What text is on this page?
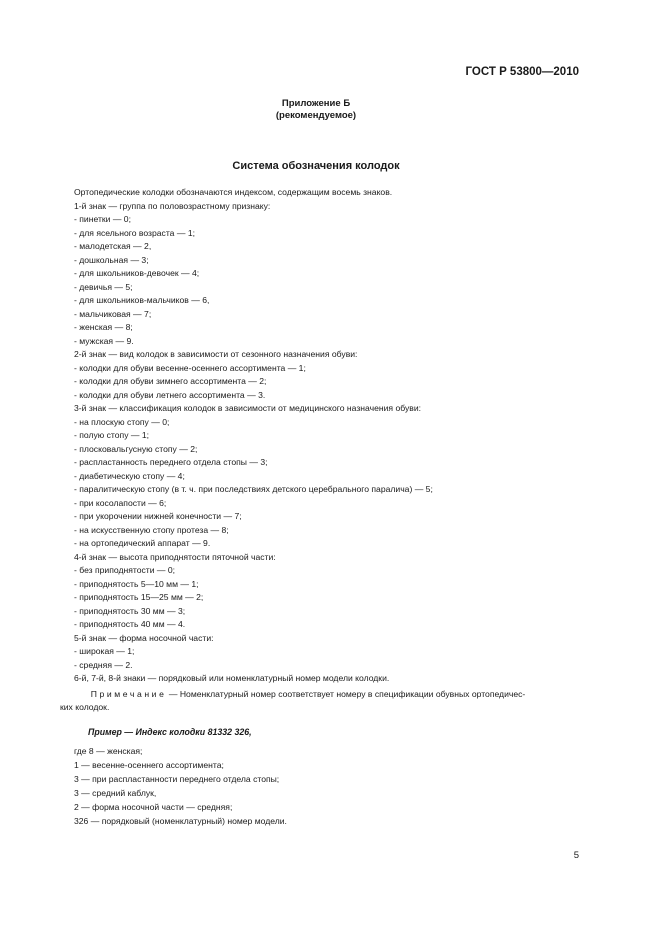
ГОСТ Р 53800—2010
Приложение Б
(рекомендуемое)
Система обозначения колодок
Ортопедические колодки обозначаются индексом, содержащим восемь знаков.
1-й знак — группа по половозрастному признаку:
- пинетки — 0;
- для ясельного возраста — 1;
- малодетская — 2,
- дошкольная — 3;
- для школьников-девочек — 4;
- девичья — 5;
- для школьников-мальчиков — 6,
- мальчиковая — 7;
- женская — 8;
- мужская — 9.
2-й знак — вид колодок в зависимости от сезонного назначения обуви:
- колодки для обуви весенне-осеннего ассортимента — 1;
- колодки для обуви зимнего ассортимента — 2;
- колодки для обуви летнего ассортимента — 3.
3-й знак — классификация колодок в зависимости от медицинского назначения обуви:
- на плоскую стопу — 0;
- полую стопу — 1;
- плосковальгусную стопу — 2;
- распластанность переднего отдела стопы — 3;
- диабетическую стопу — 4;
- паралитическую стопу (в т. ч. при последствиях детского церебрального паралича) — 5;
- при косолапости — 6;
- при укорочении нижней конечности — 7;
- на искусственную стопу протеза — 8;
- на ортопедический аппарат — 9.
4-й знак — высота приподнятости пяточной части:
- без приподнятости — 0;
- приподнятость 5—10 мм — 1;
- приподнятость 15—25 мм — 2;
- приподнятость 30 мм — 3;
- приподнятость 40 мм — 4.
5-й знак — форма носочной части:
- широкая — 1;
- средняя — 2.
6-й, 7-й, 8-й знаки — порядковый или номенклатурный номер модели колодки.
Примечание — Номенклатурный номер соответствует номеру в спецификации обувных ортопедичес-
ких колодок.
Пример — Индекс колодки 81332 326,
где 8 — женская;
1 — весенне-осеннего ассортимента;
3 — при распластанности переднего отдела стопы;
3 — средний каблук,
2 — форма носочной части — средняя;
326 — порядковый (номенклатурный) номер модели.
5
